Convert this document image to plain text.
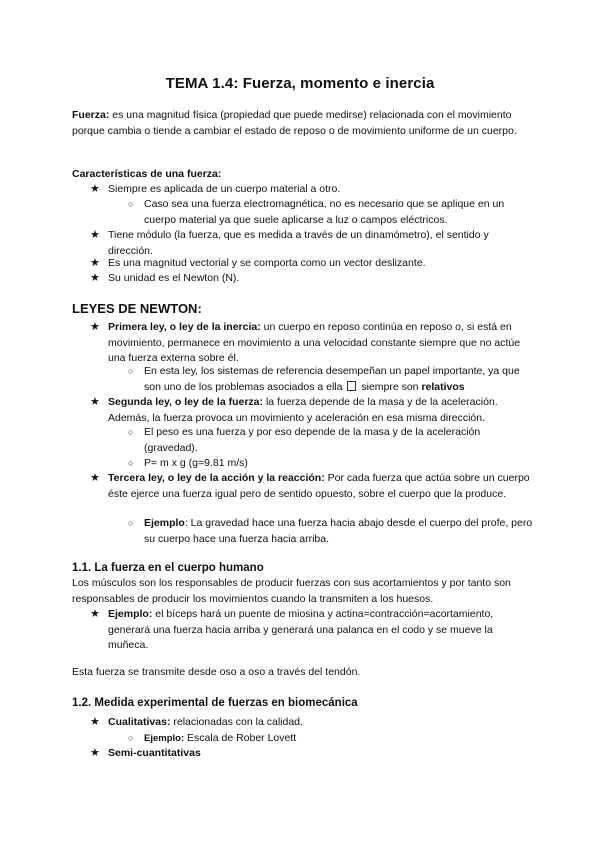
TEMA 1.4: Fuerza, momento e inercia
Fuerza: es una magnitud física (propiedad que puede medirse) relacionada con el movimiento porque cambia o tiende a cambiar el estado de reposo o de movimiento uniforme de un cuerpo.
Características de una fuerza:
★ Siempre es aplicada de un cuerpo material a otro.
○ Caso sea una fuerza electromagnética, no es necesario que se aplique en un cuerpo material ya que suele aplicarse a luz o campos eléctricos.
★ Tiene módulo (la fuerza, que es medida a través de un dinamómetro), el sentido y dirección.
★ Es una magnitud vectorial y se comporta como un vector deslizante.
★ Su unidad es el Newton (N).
LEYES DE NEWTON:
★ Primera ley, o ley de la inercia: un cuerpo en reposo continúa en reposo o, si está en movimiento, permanece en movimiento a una velocidad constante siempre que no actúe una fuerza externa sobre él.
○ En esta ley, los sistemas de referencia desempeñan un papel importante, ya que son uno de los problemas asociados a ella siempre son relativos
★ Segunda ley, o ley de la fuerza: la fuerza depende de la masa y de la aceleración. Además, la fuerza provoca un movimiento y aceleración en esa misma dirección.
○ El peso es una fuerza y por eso depende de la masa y de la aceleración (gravedad).
○ P= m x g (g=9.81 m/s)
★ Tercera ley, o ley de la acción y la reacción: Por cada fuerza que actúa sobre un cuerpo éste ejerce una fuerza igual pero de sentido opuesto, sobre el cuerpo que la produce.
○ Ejemplo: La gravedad hace una fuerza hacia abajo desde el cuerpo del profe, pero su cuerpo hace una fuerza hacia arriba.
1.1. La fuerza en el cuerpo humano
Los músculos son los responsables de producir fuerzas con sus acortamientos y por tanto son responsables de producir los movimientos cuando la transmiten a los huesos.
★ Ejemplo: el bíceps hará un puente de miosina y actina=contracción=acortamiento, generará una fuerza hacia arriba y generará una palanca en el codo y se mueve la muñeca.
Esta fuerza se transmite desde oso a oso a través del tendón.
1.2. Medida experimental de fuerzas en biomecánica
★ Cualitativas: relacionadas con la calidad.
○ Ejemplo: Escala de Rober Lovett
★ Semi-cuantitativas
